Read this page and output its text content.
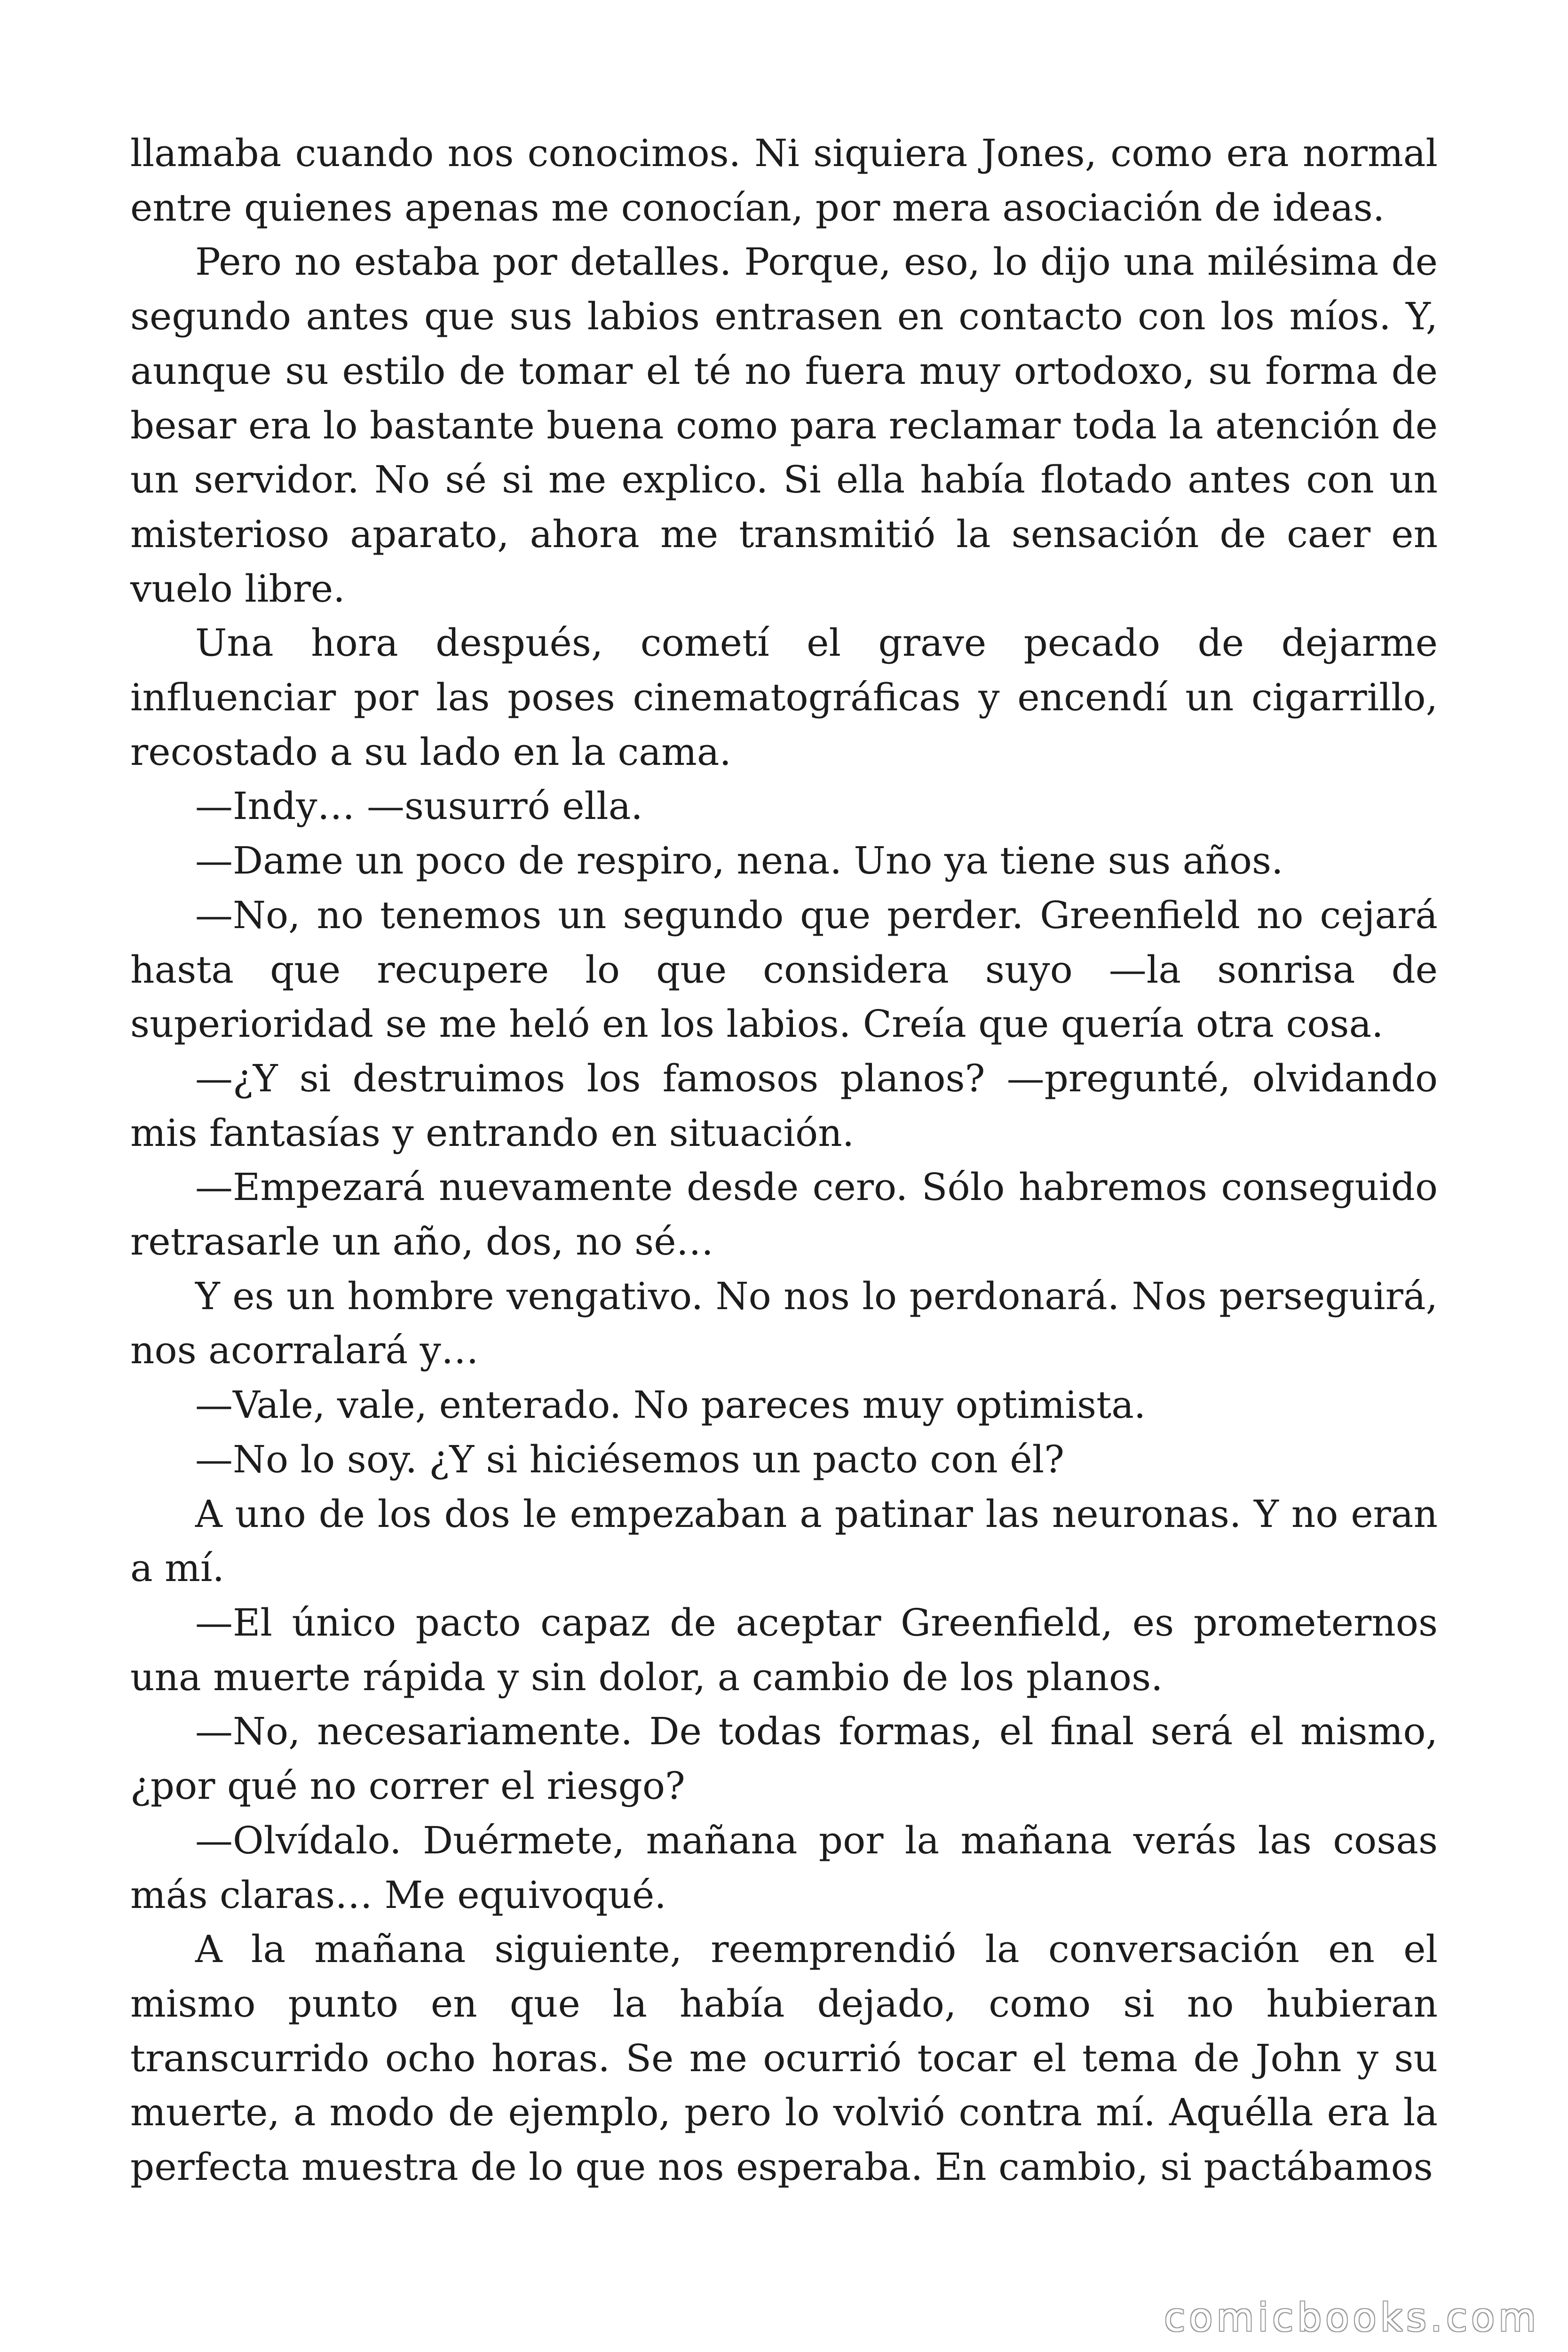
llamaba cuando nos conocimos. Ni siquiera Jones, como era normal entre quienes apenas me conocían, por mera asociación de ideas.

Pero no estaba por detalles. Porque, eso, lo dijo una milésima de segundo antes que sus labios entrasen en contacto con los míos. Y, aunque su estilo de tomar el té no fuera muy ortodoxo, su forma de besar era lo bastante buena como para reclamar toda la atención de un servidor. No sé si me explico. Si ella había flotado antes con un misterioso aparato, ahora me transmitió la sensación de caer en vuelo libre.

Una hora después, cometí el grave pecado de dejarme influenciar por las poses cinematográficas y encendí un cigarrillo, recostado a su lado en la cama.

—Indy… —susurró ella.

—Dame un poco de respiro, nena. Uno ya tiene sus años.

—No, no tenemos un segundo que perder. Greenfield no cejará hasta que recupere lo que considera suyo —la sonrisa de superioridad se me heló en los labios. Creía que quería otra cosa.

—¿Y si destruimos los famosos planos? —pregunté, olvidando mis fantasías y entrando en situación.

—Empezará nuevamente desde cero. Sólo habremos conseguido retrasarle un año, dos, no sé…

Y es un hombre vengativo. No nos lo perdonará. Nos perseguirá, nos acorralará y…

—Vale, vale, enterado. No pareces muy optimista.

—No lo soy. ¿Y si hiciésemos un pacto con él?

A uno de los dos le empezaban a patinar las neuronas. Y no eran a mí.

—El único pacto capaz de aceptar Greenfield, es prometernos una muerte rápida y sin dolor, a cambio de los planos.

—No, necesariamente. De todas formas, el final será el mismo, ¿por qué no correr el riesgo?

—Olvídalo. Duérmete, mañana por la mañana verás las cosas más claras… Me equivoqué.

A la mañana siguiente, reemprendió la conversación en el mismo punto en que la había dejado, como si no hubieran transcurrido ocho horas. Se me ocurrió tocar el tema de John y su muerte, a modo de ejemplo, pero lo volvió contra mí. Aquélla era la perfecta muestra de lo que nos esperaba. En cambio, si pactábamos

comicbooks.com
